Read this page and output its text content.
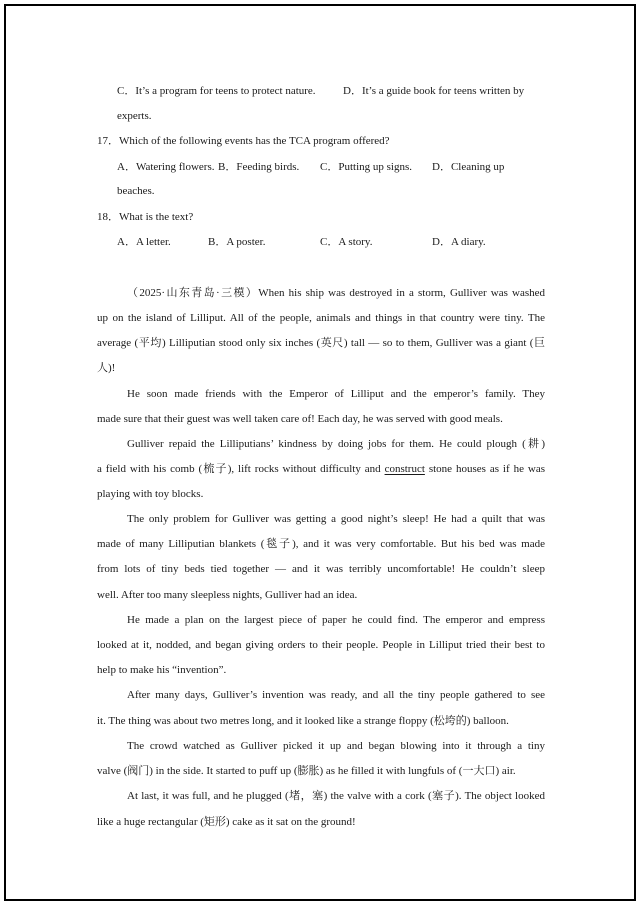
C．It’s a program for teens to protect nature. D．It’s a guide book for teens written by
experts.
17．Which of the following events has the TCA program offered?
A．Watering flowers. B．Feeding birds. C．Putting up signs. D．Cleaning up
beaches.
18．What is the text?
A．A letter.	B．A poster.	C．A story.	D．A diary.
（2025·山东青岛·三模）When his ship was destroyed in a storm, Gulliver was washed
up on the island of Lilliput. All of the people, animals and things in that country were tiny. The
average (平均) Lilliputian stood only six inches (英尺) tall — so to them, Gulliver was a giant (巨
人)!
He soon made friends with the Emperor of Lilliput and the emperor’s family. They
made sure that their guest was well taken care of! Each day, he was served with good meals.
Gulliver repaid the Lilliputians’ kindness by doing jobs for them. He could plough (耕)
a field with his comb (梳子), lift rocks without difficulty and construct stone houses as if he was
playing with toy blocks.
The only problem for Gulliver was getting a good night’s sleep! He had a quilt that was
made of many Lilliputian blankets (毯子), and it was very comfortable. But his bed was made
from lots of tiny beds tied together — and it was terribly uncomfortable! He couldn’t sleep
well. After too many sleepless nights, Gulliver had an idea.
He made a plan on the largest piece of paper he could find. The emperor and empress
looked at it, nodded, and began giving orders to their people. People in Lilliput tried their best to
help to make his “invention”.
After many days, Gulliver’s invention was ready, and all the tiny people gathered to see
it. The thing was about two metres long, and it looked like a strange floppy (松垮的) balloon.
The crowd watched as Gulliver picked it up and began blowing into it through a tiny
valve (阀门) in the side. It started to puff up (膨胀) as he filled it with lungfuls of (一大口) air.
At last, it was full, and he plugged (堵，塞) the valve with a cork (塞子). The object looked
like a huge rectangular (矩形) cake as it sat on the ground!
